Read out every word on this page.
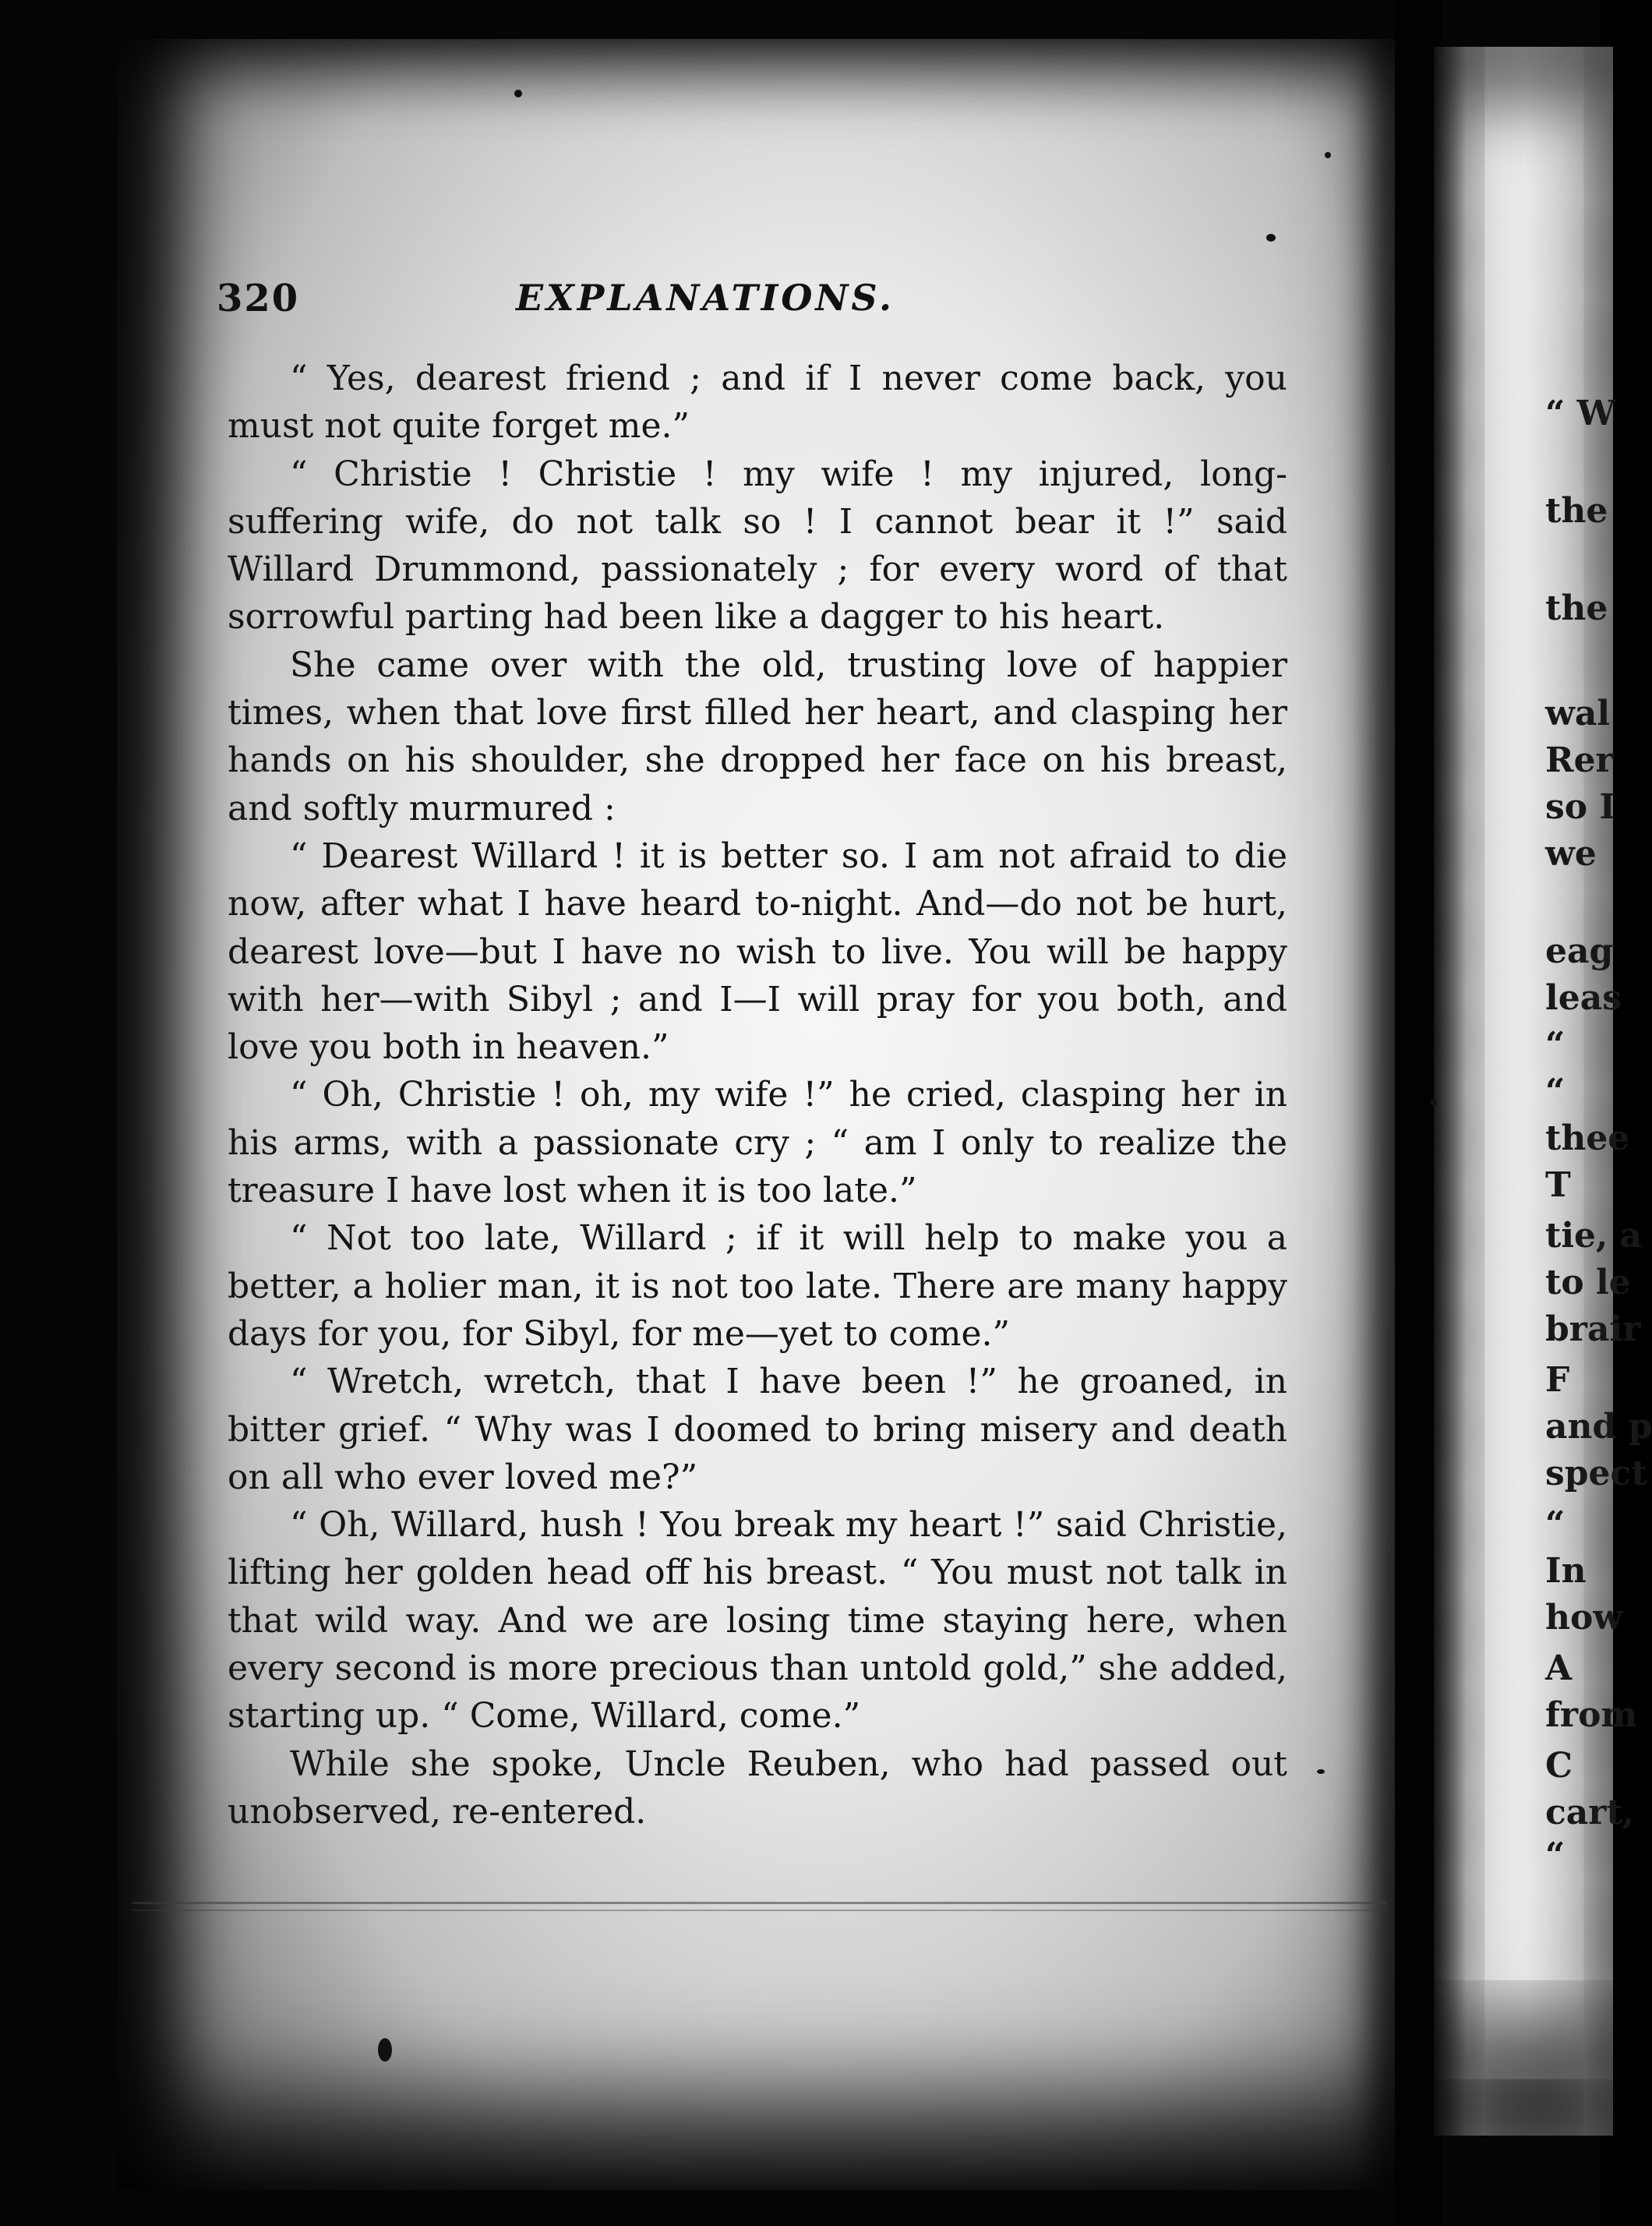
320	EXPLANATIONS.

“ Yes, dearest friend ; and if I never come back, you must not quite forget me.”

“ Christie ! Christie ! my wife ! my injured, long-suffering wife, do not talk so ! I cannot bear it !” said Willard Drummond, passionately ; for every word of that sorrowful parting had been like a dagger to his heart.

She came over with the old, trusting love of happier times, when that love first filled her heart, and clasping her hands on his shoulder, she dropped her face on his breast, and softly murmured :

“ Dearest Willard ! it is better so. I am not afraid to die now, after what I have heard to-night. And—do not be hurt, dearest love—but I have no wish to live. You will be happy with her—with Sibyl ; and I—I will pray for you both, and love you both in heaven.”

“ Oh, Christie ! oh, my wife !” he cried, clasping her in his arms, with a passionate cry ; “ am I only to realize the treasure I have lost when it is too late.”

“ Not too late, Willard ; if it will help to make you a better, a holier man, it is not too late. There are many happy days for you, for Sibyl, for me—yet to come.”

“ Wretch, wretch, that I have been !” he groaned, in bitter grief. “ Why was I doomed to bring misery and death on all who ever loved me?”

“ Oh, Willard, hush ! You break my heart !” said Christie, lifting her golden head off his breast. “ You must not talk in that wild way. And we are losing time staying here, when every second is more precious than untold gold,” she added, starting up. “ Come, Willard, come.”

While she spoke, Uncle Reuben, who had passed out unobserved, re-entered.

“ W
the
the
wal
Rer
so I
we
eag
leas
“
“
thee
T
tie, a
to le
brair
F
and p
spect
“
In
how
A
from
C
cart,
“
